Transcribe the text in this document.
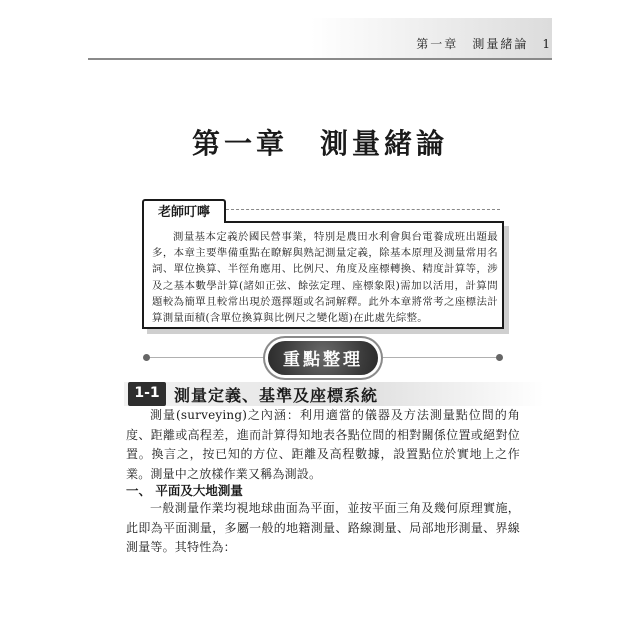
第一章　 測量緒論　 1
第一章　測量緒論
老師叮嚀
測量基本定義於國民營事業，特別是農田水利會與台電養成班出題最多，本章主要準備重點在瞭解與熟記測量定義，除基本原理及測量常用名詞、單位換算、半徑角應用、比例尺、角度及座標轉換、精度計算等，涉及之基本數學計算(諸如正弦、餘弦定理、座標象限)需加以活用，計算問題較為簡單且較常出現於選擇題或名詞解釋。此外本章將常考之座標法計算測量面積(含單位換算與比例尺之變化題)在此處先綜整。
重點整理
1-1 測量定義、基準及座標系統
測量(surveying)之內涵：利用適當的儀器及方法測量點位間的角度、距離或高程差，進而計算得知地表各點位間的相對關係位置或絕對位置。換言之，按已知的方位、距離及高程數據，設置點位於實地上之作業。測量中之放樣作業又稱為測設。
一、 平面及大地測量
一般測量作業均視地球曲面為平面，並按平面三角及幾何原理實施，此即為平面測量，多屬一般的地籍測量、路線測量、局部地形測量、界線測量等。其特性為：
